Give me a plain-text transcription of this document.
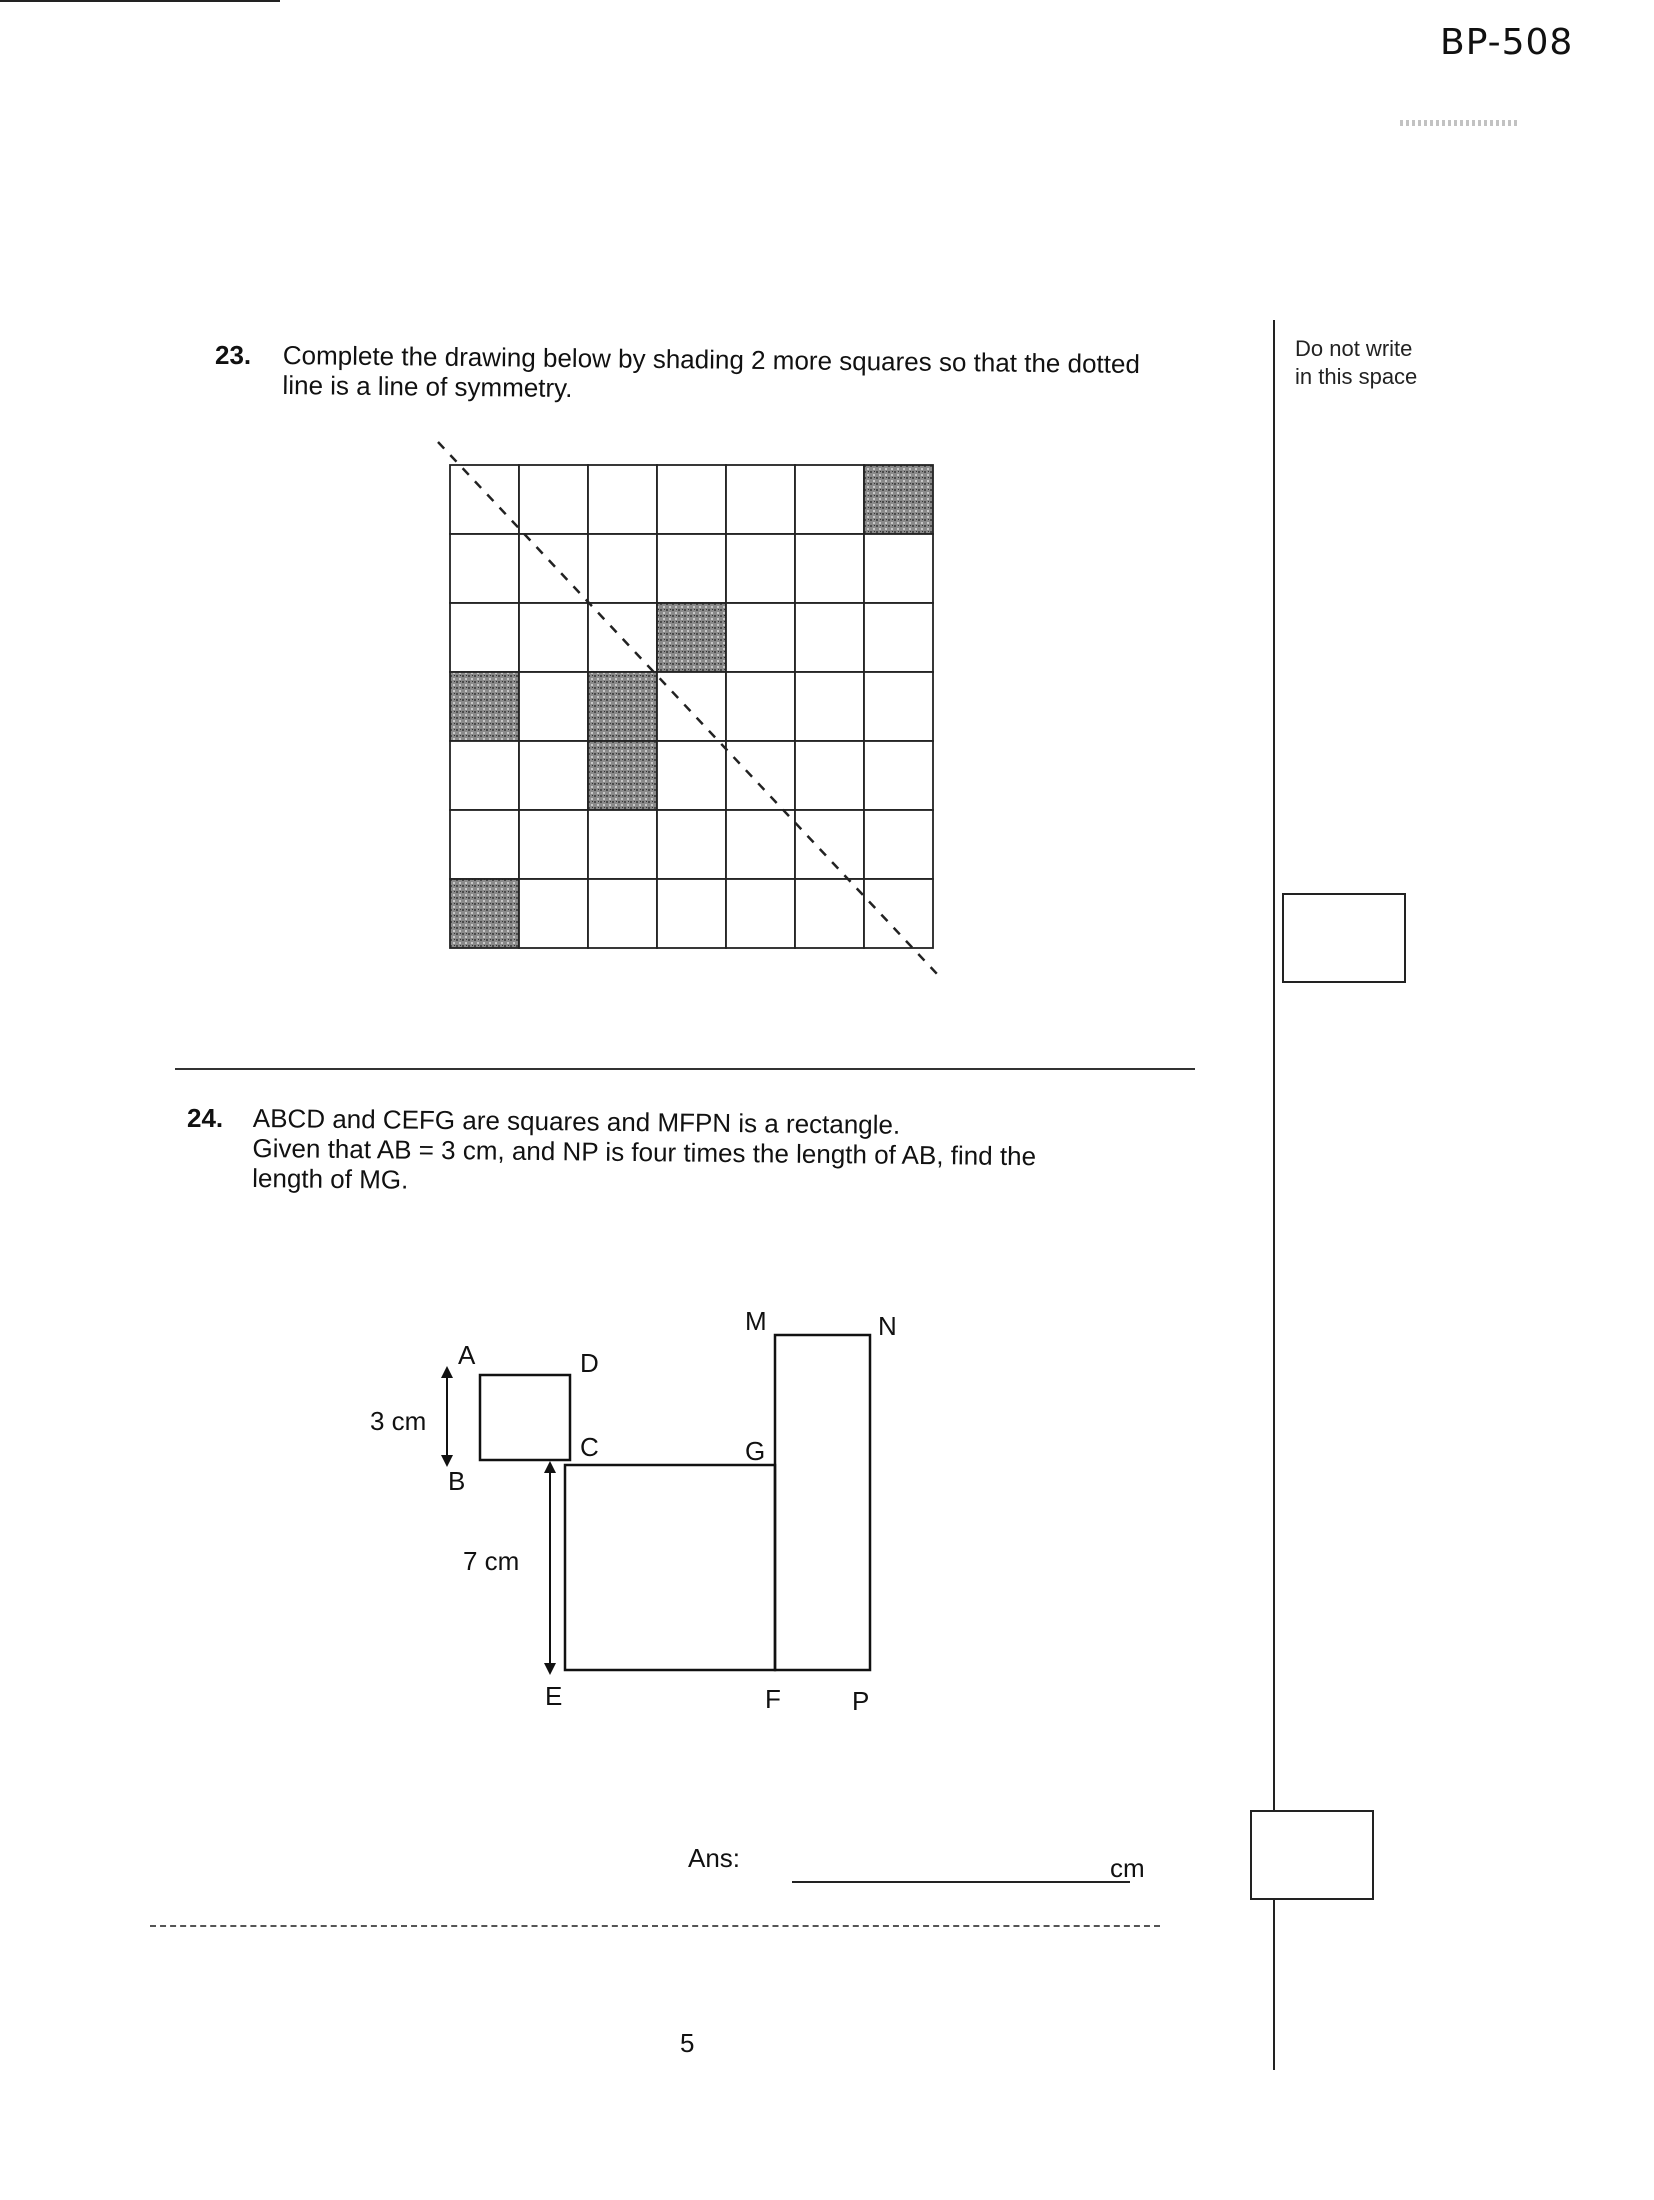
BP-508
Do not write
in this space
23. Complete the drawing below by shading 2 more squares so that the dotted line is a line of symmetry.
24. ABCD and CEFG are squares and MFPN is a rectangle.
Given that AB = 3 cm, and NP is four times the length of AB, find the
length of MG.
A
B
C
D
E	F
G
M	N
P
3 cm
7 cm
Ans:	cm
5
